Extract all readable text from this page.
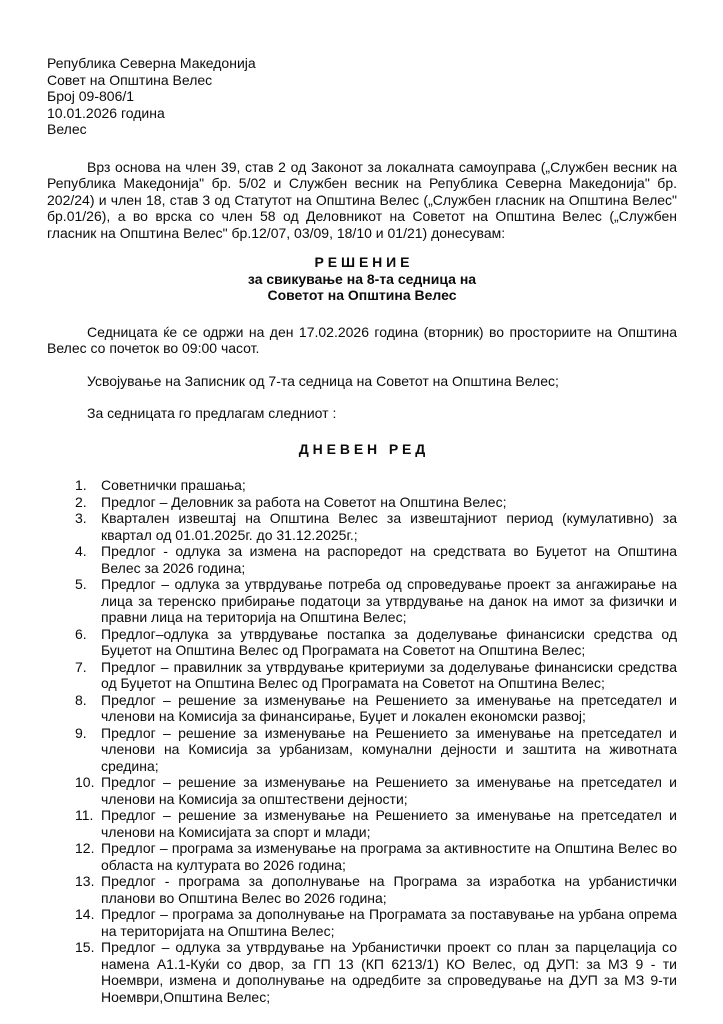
Република Северна Македонија
Совет на Општина Велес
Број 09-806/1
10.01.2026 година
Велес

Врз основа на член 39, став 2 од Законот за локалната самоуправа („Службен весник на Република Македонија" бр. 5/02 и Службен весник на Република Северна Македонија" бр. 202/24) и член 18, став 3 од Статутот на Општина Велес („Службен гласник на Општина Велес" бр.01/26), а во врска со член 58 од Деловникот на Советот на Општина Велес („Службен гласник на Општина Велес" бр.12/07, 03/09, 18/10 и 01/21) донесувам:

Р Е Ш Е Н И Е
за свикување на 8-та седница на
Советот на Општина Велес

Седницата ќе се одржи на ден 17.02.2026 година (вторник) во просториите на Општина Велес со почеток во 09:00 часот.

Усвојување на Записник од 7-та седница на Советот на Општина Велес;

За седницата го предлагам следниот :

Д Н Е В Е Н   Р Е Д
1.	Советнички прашања;
2.	Предлог – Деловник за работа на Советот на Општина Велес;
3.	Квартален извештај на Општина Велес за извештајниот период (кумулативно) за квартал од 01.01.2025г. до 31.12.2025г.;
4.	Предлог - одлука за измена на распоредот на средствата во Буџетот на Општина Велес за 2026 година;
5.	Предлог – одлука за утврдување потреба од спроведување проект за ангажирање на лица за теренско прибирање податоци за утврдување на данок на имот за физички и правни лица на територија на Општина Велес;
6.	Предлог–одлука за утврдување постапка за доделување финансиски средства од Буџетот на Општина Велес од Програмата на Советот на Општина Велес;
7.	Предлог – правилник за утврдување критериуми за доделување финансиски средства од Буџетот на Општина Велес од Програмата на Советот на Општина Велес;
8.	Предлог – решение за изменување на Решението за именување на претседател и членови на Комисија за финансирање, Буџет и локален економски развој;
9.	Предлог – решение за изменување на Решението за именување на претседател и членови на Комисија за урбанизам, комунални дејности и заштита на животната средина;
10. Предлог – решение за изменување на Решението за именување на претседател и членови на Комисија за општествени дејности;
11. Предлог – решение за изменување на Решението за именување на претседател и членови на Комисијата за спорт и млади;
12. Предлог – програма за изменување на програма за активностите на Општина Велес во областа на културата во 2026 година;
13. Предлог - програма за дополнување на Програма за изработка на урбанистички планови во Општина Велес во 2026 година;
14. Предлог – програма за дополнување на Програмата за поставување на урбана опрема на територијата на Општина Велес;
15. Предлог – одлука за утврдување на Урбанистички проект со план за парцелација со намена А1.1-Куќи со двор, за ГП 13 (КП 6213/1) КО Велес, од ДУП: за МЗ 9 - ти Ноември, измена и дополнување на одредбите за спроведување на ДУП за МЗ 9-ти Ноември,Општина Велес;
